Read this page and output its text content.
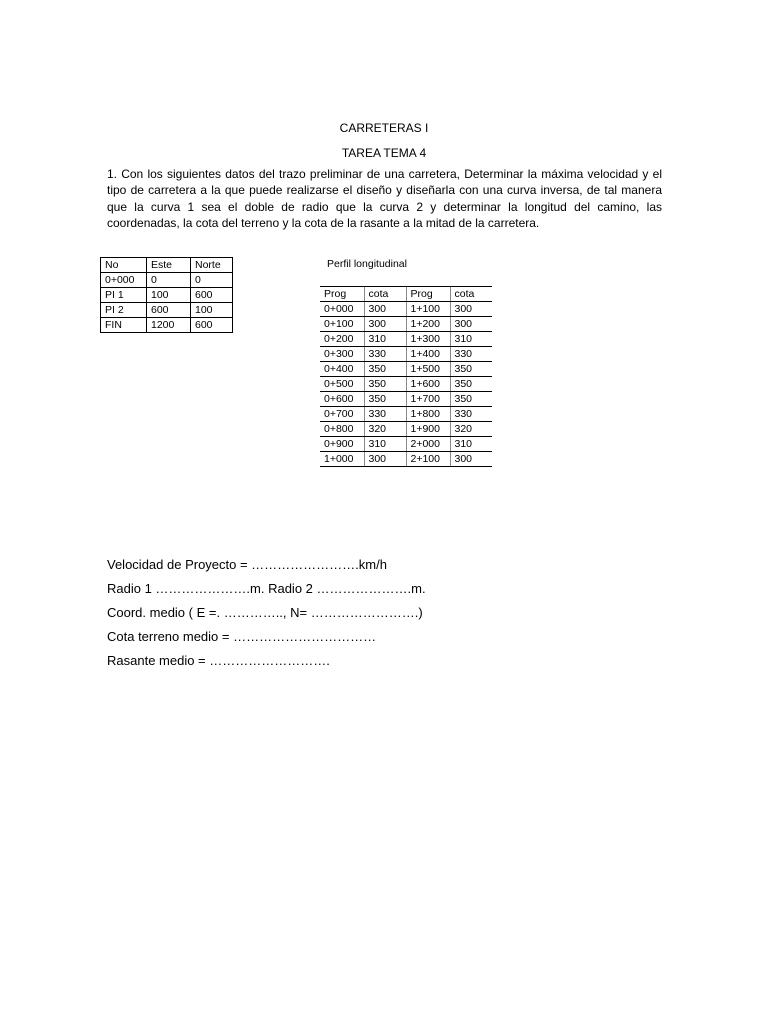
CARRETERAS I
TAREA TEMA 4
1. Con los siguientes datos del trazo preliminar de una carretera, Determinar la máxima velocidad y el tipo de carretera a la que puede realizarse el diseño y diseñarla con una curva inversa, de tal manera que la curva 1 sea el doble de radio que la curva 2 y determinar la longitud del camino, las coordenadas, la cota del terreno y la cota de la rasante a la mitad de la carretera.
No	Este	Norte
0+000	0	0
PI 1	100	600
PI 2	600	100
FIN	1200	600
Perfil longitudinal
Prog	cota	Prog	cota
0+000	300	1+100	300
0+100	300	1+200	300
0+200	310	1+300	310
0+300	330	1+400	330
0+400	350	1+500	350
0+500	350	1+600	350
0+600	350	1+700	350
0+700	330	1+800	330
0+800	320	1+900	320
0+900	310	2+000	310
1+000	300	2+100	300
Velocidad de Proyecto = …………………….km/h
Radio 1 ………………….m. Radio 2 ………………….m.
Coord. medio ( E =. ………….., N= …………………….)
Cota terreno medio = ……………………………
Rasante medio = ……………………….
